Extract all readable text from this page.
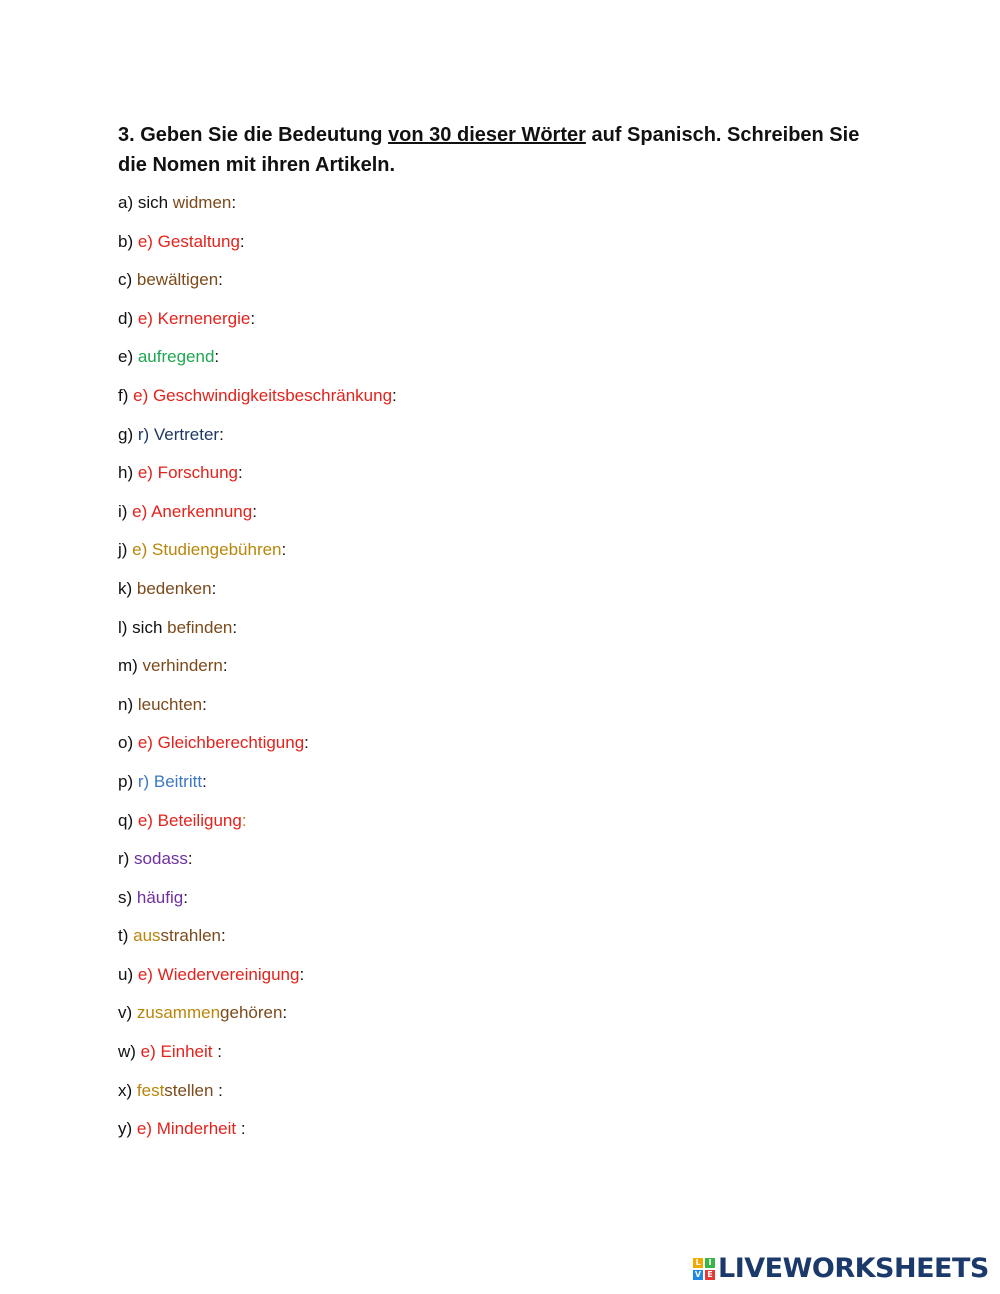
3. Geben Sie die Bedeutung von 30 dieser Wörter auf Spanisch. Schreiben Sie die Nomen mit ihren Artikeln.

a) sich widmen:
b) e) Gestaltung:
c) bewältigen:
d) e) Kernenergie:
e) aufregend:
f) e) Geschwindigkeitsbeschränkung:
g) r) Vertreter:
h) e) Forschung:
i) e) Anerkennung:
j) e) Studiengebühren:
k) bedenken:
l) sich befinden:
m) verhindern:
n) leuchten:
o) e) Gleichberechtigung:
p) r) Beitritt:
q) e) Beteiligung:
r) sodass:
s) häufig:
t) ausstrahlen:
u) e) Wiedervereinigung:
v) zusammengehören:
w) e) Einheit :
x) feststellen :
y) e) Minderheit :
L I
V E LIVEWORKSHEETS
